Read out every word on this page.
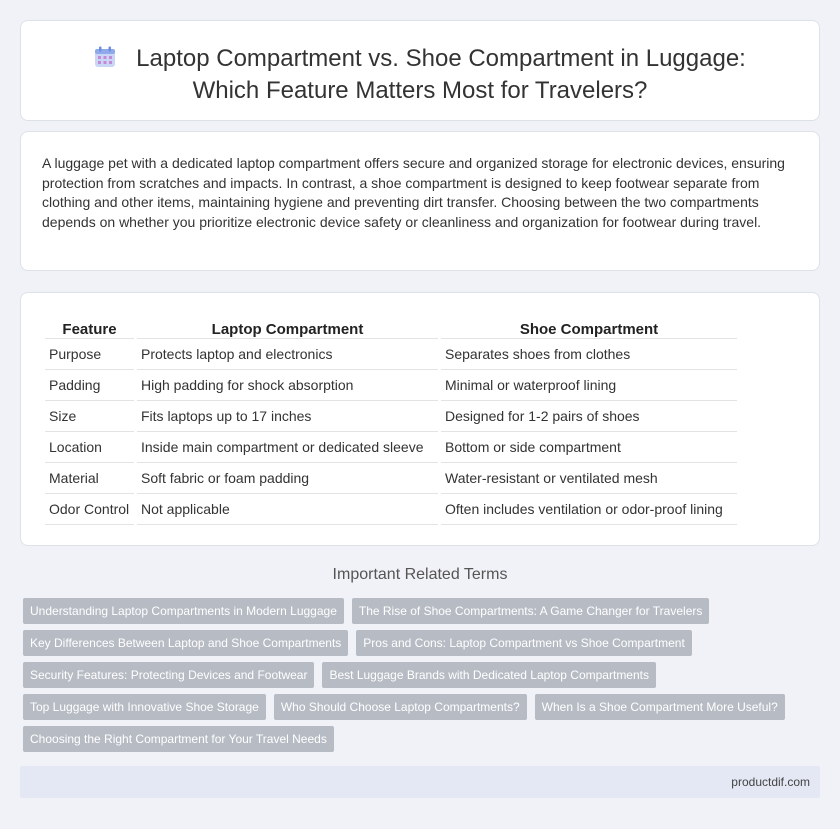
Laptop Compartment vs. Shoe Compartment in Luggage: Which Feature Matters Most for Travelers?

A luggage pet with a dedicated laptop compartment offers secure and organized storage for electronic devices, ensuring protection from scratches and impacts. In contrast, a shoe compartment is designed to keep footwear separate from clothing and other items, maintaining hygiene and preventing dirt transfer. Choosing between the two compartments depends on whether you prioritize electronic device safety or cleanliness and organization for footwear during travel.

Feature	Laptop Compartment	Shoe Compartment
Purpose	Protects laptop and electronics	Separates shoes from clothes
Padding	High padding for shock absorption	Minimal or waterproof lining
Size	Fits laptops up to 17 inches	Designed for 1-2 pairs of shoes
Location	Inside main compartment or dedicated sleeve	Bottom or side compartment
Material	Soft fabric or foam padding	Water-resistant or ventilated mesh
Odor Control	Not applicable	Often includes ventilation or odor-proof lining
Important Related Terms
Understanding Laptop Compartments in Modern Luggage	The Rise of Shoe Compartments: A Game Changer for Travelers
Key Differences Between Laptop and Shoe Compartments	Pros and Cons: Laptop Compartment vs Shoe Compartment
Security Features: Protecting Devices and Footwear	Best Luggage Brands with Dedicated Laptop Compartments
Top Luggage with Innovative Shoe Storage	Who Should Choose Laptop Compartments?	When Is a Shoe Compartment More Useful?
Choosing the Right Compartment for Your Travel Needs
productdif.com
